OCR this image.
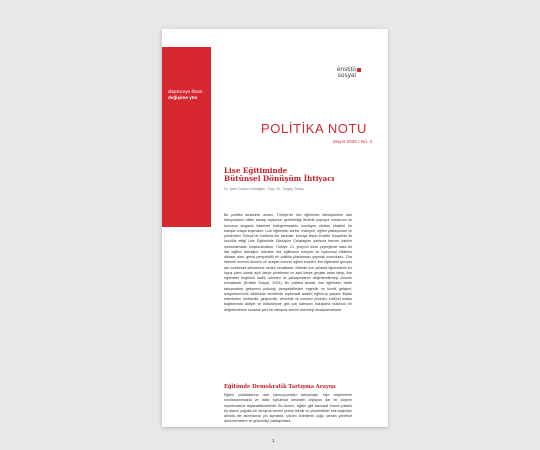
düşünceye ilham
değişime yön
enstitü

sosyal
POLİTİKA NOTU
Mayıs 2025 I No. 4
Lise Eğitiminde
Bütünsel Dönüşüm İhtiyacı
Dr. İpek Coşkun Armağan - Doç. Dr. Turgay Öntaş

Bu politika analizinin amacı, Türkiye'de lise eğitiminin dönüşümüne dair tartışmaların hâlen sanayi toplumun gerektirdiği ilerlerle yapılıyor olmasının ve konunun sloganik ifadelere indirgenmesinin sınırlayıcı etkisini eleştirel bir bakışla ortaya koymaktır. Lise eğitiminin süresi, mahiyeti, eğitim yaklaşımları ve yöntemleri Türkiye'de kısıtlıkla ele alınmalı; konuya ilişkin Enstitü Sosyal'de ilk öncülük ettiği Lise Eğitiminde Dönüşüm Çalıştayları sarfsına benzer katılım mekanizmaları oluşturulmalıdır. Türkiye, 21. yüzyılın ikinci çeyreğinde nasıl bir lise eğitimi istediğini; istenilen lise eğitiminin bireysel ve toplumsal etkilerini dikkate alan, geniş perspektifli bir politika planlaması yapmak zorundadır. Zira liselerin mevcut durumu ve uzayan zorunlu eğitim süreleri, lise eğitiminin gençler için cazibesini yitirmesine neden olmaktadır. Nitekim son yıllarda öğrencilerin bir kaçış planı olarak açık liseye yönelmesi ve açık liseye geçişte artan talep, lise eğitiminin bugünkü halini, süresini ve yaklaşımlarını değerlendirmeyi zorunlu kılmaktadır (Enstitü Sosyal, 2024). Bu politika analizi, lise eğitiminin ötelik tartışmalara gelişmeci psikoloji perspektifinden ergenlik ve kimlik gelişimi; sosyoekonomik farklılıklar temelinde toplumsal adalet; eğitim-iş yaşamı ilişkisi izleminden üretkenlik, girişimcilik, verimlilik ve mesleki yönelim; kültürel kodlar bağlamında aidiyet ve bütünleşme gibi çok katmanlı bakışlarla bütüncül bir değerlendirme sunarak yeni bir tartışma zemini önermeyi amaçlamaktadır.

Eğitimde Demokratik Tartışma Arayışı

Eğitim politikalarına dair kamuoyundaki tartışmalar, kişe söylemlerle sınırlandırılmakta ve farklı toplumsal kesimleri dışlayan dar bir söylem repertuvarına dayanabilmektedir. Bu durum, eğitim gibi kamusal önemi yüksek bir alanın çoğulcu bir tartışma zemini yerine teknik ve yöneticilikler risk başlıkları altında ele alınmasına yol açmakta; çözüm önerilerini çoğu zaman yönetsel düzenlemelere ve güvenlikçi yaklaşımlara

1
